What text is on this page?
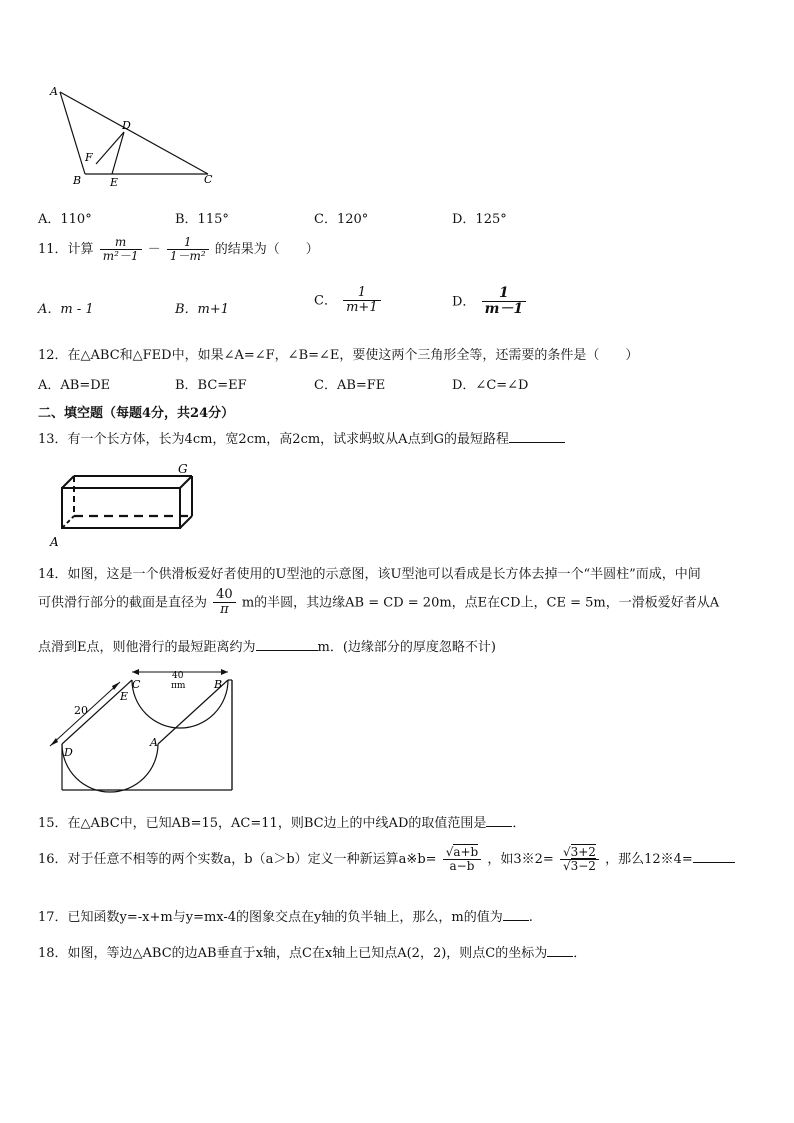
A
D
F
B	E	C
A．110°	B．115°	C．120°	D．125°
11．计算 $\frac{m}{\text{m²－1}} - \frac{1}{\text{1－m²}}$ 的结果为（　　）
A．m - 1	B．m+1
C． $\frac{1}{m+1}$	D． $\frac{1}{m-1}$
12．在△ABC和△FED中，如果∠A=∠F，∠B=∠E，要使这两个三角形全等，还需要的条件是（　　）
A．AB=DE	B．BC=EF	C．AB=FE	D．∠C=∠D
二、填空题（每题4分，共24分）
13．有一个长方体，长为4cm，宽2cm，高2cm，试求蚂蚁从A点到G的最短路程
G
A
14．如图，这是一个供滑板爱好者使用的U型池的示意图，该U型池可以看成是长方体去掉一个“半圆柱”而成，中间
可供滑行部分的截面是直径为 $\frac{40}{\pi}$ m的半圆，其边缘AB = CD = 20m，点E在CD上，CE = 5m，一滑板爱好者从A
点滑到E点，则他滑行的最短距离约为	m．(边缘部分的厚度忽略不计)
20
40
πm
C
E
B
D
A
15．在△ABC中，已知AB=15，AC=11，则BC边上的中线AD的取值范围是 ．
16．对于任意不相等的两个实数a，b（a＞b）定义一种新运算a※b= $\frac{√a+b}{a-b}$ ，如3※2= $\frac{√3+2}{√3-2}$ ，那么12※4=
17．已知函数y=-x+m与y=mx-4的图象交点在y轴的负半轴上，那么，m的值为 .
18．如图，等边△ABC的边AB垂直于x轴，点C在x轴上已知点A(2，2)，则点C的坐标为 ．
